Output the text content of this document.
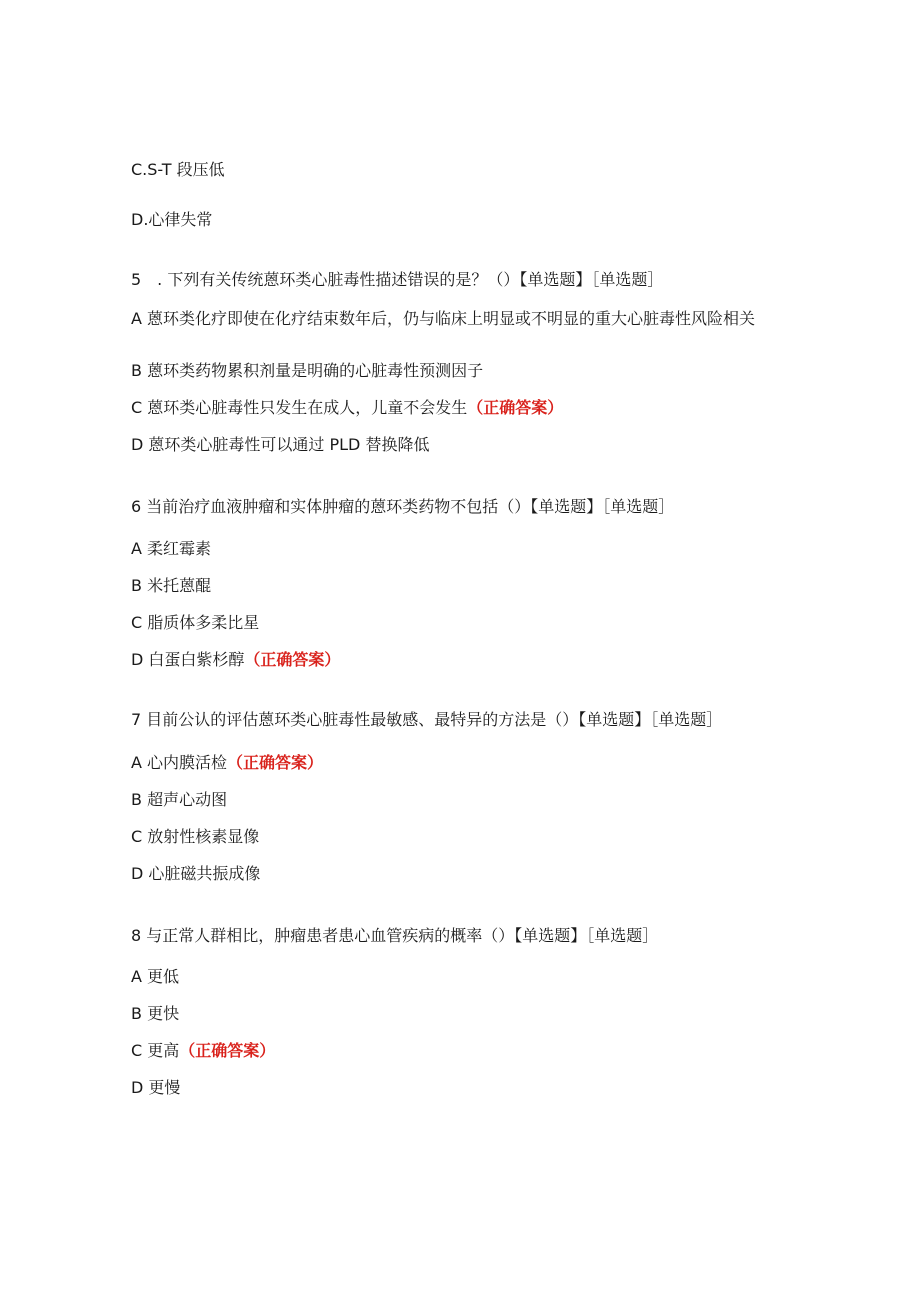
C.S-T 段压低
D.心律失常
5　. 下列有关传统蒽环类心脏毒性描述错误的是？（）【单选题】［单选题］
A 蒽环类化疗即使在化疗结束数年后，仍与临床上明显或不明显的重大心脏毒性风险相关
B 蒽环类药物累积剂量是明确的心脏毒性预测因子
C 蒽环类心脏毒性只发生在成人，儿童不会发生（正确答案）
D 蒽环类心脏毒性可以通过 PLD 替换降低
6 当前治疗血液肿瘤和实体肿瘤的蒽环类药物不包括（）【单选题】［单选题］
A 柔红霉素
B 米托蒽醌
C 脂质体多柔比星
D 白蛋白紫杉醇（正确答案）
7 目前公认的评估蒽环类心脏毒性最敏感、最特异的方法是（）【单选题】［单选题］
A 心内膜活检（正确答案）
B 超声心动图
C 放射性核素显像
D 心脏磁共振成像
8 与正常人群相比，肿瘤患者患心血管疾病的概率（）【单选题】［单选题］
A 更低
B 更快
C 更高（正确答案）
D 更慢
